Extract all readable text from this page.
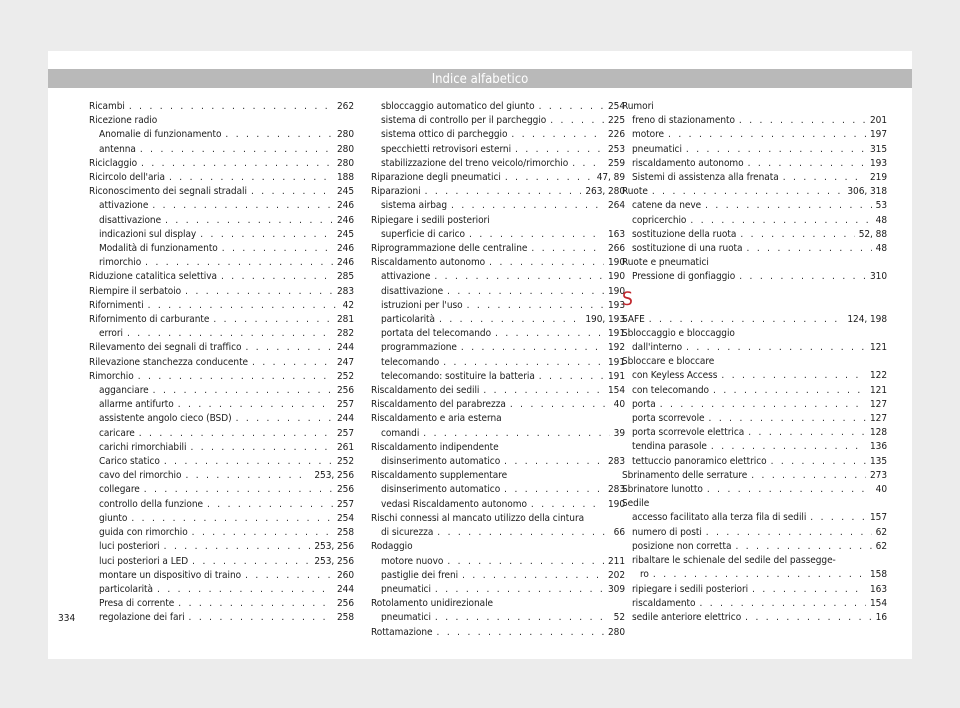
Indice alfabetico
Ricambi . . .	262
Ricezione radio
Anomalie di funzionamento . . .	280
antenna . . .	280
Riciclaggio . . .	280
Ricircolo dell'aria . . .	188
Riconoscimento dei segnali stradali . . .	245
attivazione . . .	246
disattivazione . . .	246
indicazioni sul display . . .	245
Modalità di funzionamento . . .	246
rimorchio . . .	246
Riduzione catalitica selettiva . . .	285
Riempire il serbatoio . . .	283
Rifornimenti . . .	42
Rifornimento di carburante . . .	281
errori . . .	282
Rilevamento dei segnali di traffico . . .	244
Rilevazione stanchezza conducente . . .	247
Rimorchio . . .	252
agganciare . . .	256
allarme antifurto . . .	257
assistente angolo cieco (BSD) . . .	244
caricare . . .	257
carichi rimorchiabili . . .	261
Carico statico . . .	252
cavo del rimorchio . . .	253, 256
collegare . . .	256
controllo della funzione . . .	257
giunto . . .	254
guida con rimorchio . . .	258
luci posteriori . . .	253, 256
luci posteriori a LED . . .	253, 256
montare un dispositivo di traino . . .	260
particolarità . . .	244
Presa di corrente . . .	256
regolazione dei fari . . .	258
sbloccaggio automatico del giunto . . .	254
sistema di controllo per il parcheggio . . .	225
sistema ottico di parcheggio . . .	226
specchietti retrovisori esterni . . .	253
stabilizzazione del treno veicolo/rimorchio . . .	259
Riparazione degli pneumatici . . .	47, 89
Riparazioni . . .	263, 280
sistema airbag . . .	264
Ripiegare i sedili posteriori
superficie di carico . . .	163
Riprogrammazione delle centraline . . .	266
Riscaldamento autonomo . . .	190
attivazione . . .	190
disattivazione . . .	190
istruzioni per l'uso . . .	193
particolarità . . .	190, 193
portata del telecomando . . .	191
programmazione . . .	192
telecomando . . .	191
telecomando: sostituire la batteria . . .	191
Riscaldamento dei sedili . . .	154
Riscaldamento del parabrezza . . .	40
Riscaldamento e aria esterna
comandi . . .	39
Riscaldamento indipendente
disinserimento automatico . . .	283
Riscaldamento supplementare
disinserimento automatico . . .	283
vedasi Riscaldamento autonomo . . .	190
Rischi connessi al mancato utilizzo della cintura
di sicurezza . . .	66
Rodaggio
motore nuovo . . .	211
pastiglie dei freni . . .	202
pneumatici . . .	309
Rotolamento unidirezionale
pneumatici . . .	52
Rottamazione . . .	280
Rumori
freno di stazionamento . . .	201
motore . . .	197
pneumatici . . .	315
riscaldamento autonomo . . .	193
Sistemi di assistenza alla frenata . . .	219
Ruote . . .	306, 318
catene da neve . . .	53
copricerchio . . .	48
sostituzione della ruota . . .	52, 88
sostituzione di una ruota . . .	48
Ruote e pneumatici
Pressione di gonfiaggio . . .	310
S
SAFE . . .	124, 198
Sbloccaggio e bloccaggio
dall'interno . . .	121
Sbloccare e bloccare
con Keyless Access . . .	122
con telecomando . . .	121
porta . . .	127
porta scorrevole . . .	127
porta scorrevole elettrica . . .	128
tendina parasole . . .	136
tettuccio panoramico elettrico . . .	135
Sbrinamento delle serrature . . .	273
Sbrinatore lunotto . . .	40
Sedile
accesso facilitato alla terza fila di sedili . . .	157
numero di posti . . .	62
posizione non corretta . . .	62
ribaltare le schienale del sedile del passegge-
ro . . .	158
ripiegare i sedili posteriori . . .	163
riscaldamento . . .	154
sedile anteriore elettrico . . .	16
334
